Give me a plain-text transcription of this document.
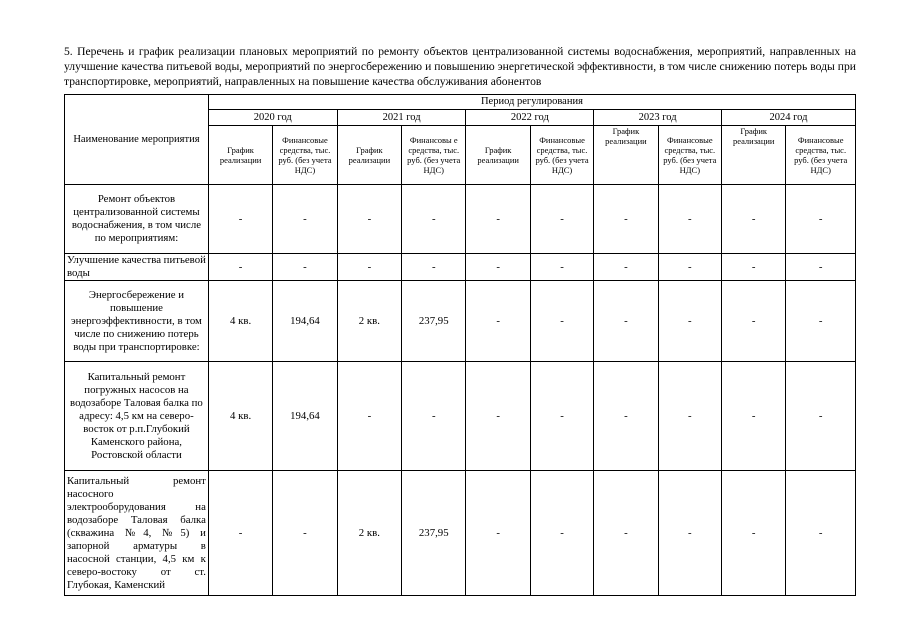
5. Перечень и график реализации плановых мероприятий по ремонту объектов централизованной системы водоснабжения, мероприятий, направленных на улучшение качества питьевой воды, мероприятий по энергосбережению и повышению энергетической эффективности, в том числе снижению потерь воды при транспортировке, мероприятий, направленных на повышение качества обслуживания абонентов
Наименование мероприятия	Период регулирования									
	2020 год		2021 год		2022 год		2023 год		2024 год	
	График реализации	Финансовые средства, тыс. руб. (без учета НДС)	График реализации	Финансовы е средства, тыс. руб. (без учета НДС)	График реализации	Финансовые средства, тыс. руб. (без учета НДС)	График реализации	Финансовые средства, тыс. руб. (без учета НДС)	График реализации	Финансовые средства, тыс. руб. (без учета НДС)
Ремонт объектов централизованной системы водоснабжения, в том числе по мероприятиям:	-	-	-	-	-	-	-	-	-	-
Улучшение качества питьевой воды	-	-	-	-	-	-	-	-	-	-
Энергосбережение и повышение энергоэффективности, в том числе по снижению потерь воды при транспортировке:	4 кв.	194,64	2 кв.	237,95	-	-	-	-	-	-
Капитальный ремонт погружных насосов на водозаборе Таловая балка по адресу: 4,5 км на северо-восток от р.п.Глубокий Каменского района, Ростовской области	4 кв.	194,64	-	-	-	-	-	-	-	-
Капитальный ремонт насосного электрооборудования на водозаборе Таловая балка (скважина №4, №5) и запорной арматуры в насосной станции, 4,5 км к северо-востоку от ст. Глубокая, Каменский	-	-	2 кв.	237,95	-	-	-	-	-	-
